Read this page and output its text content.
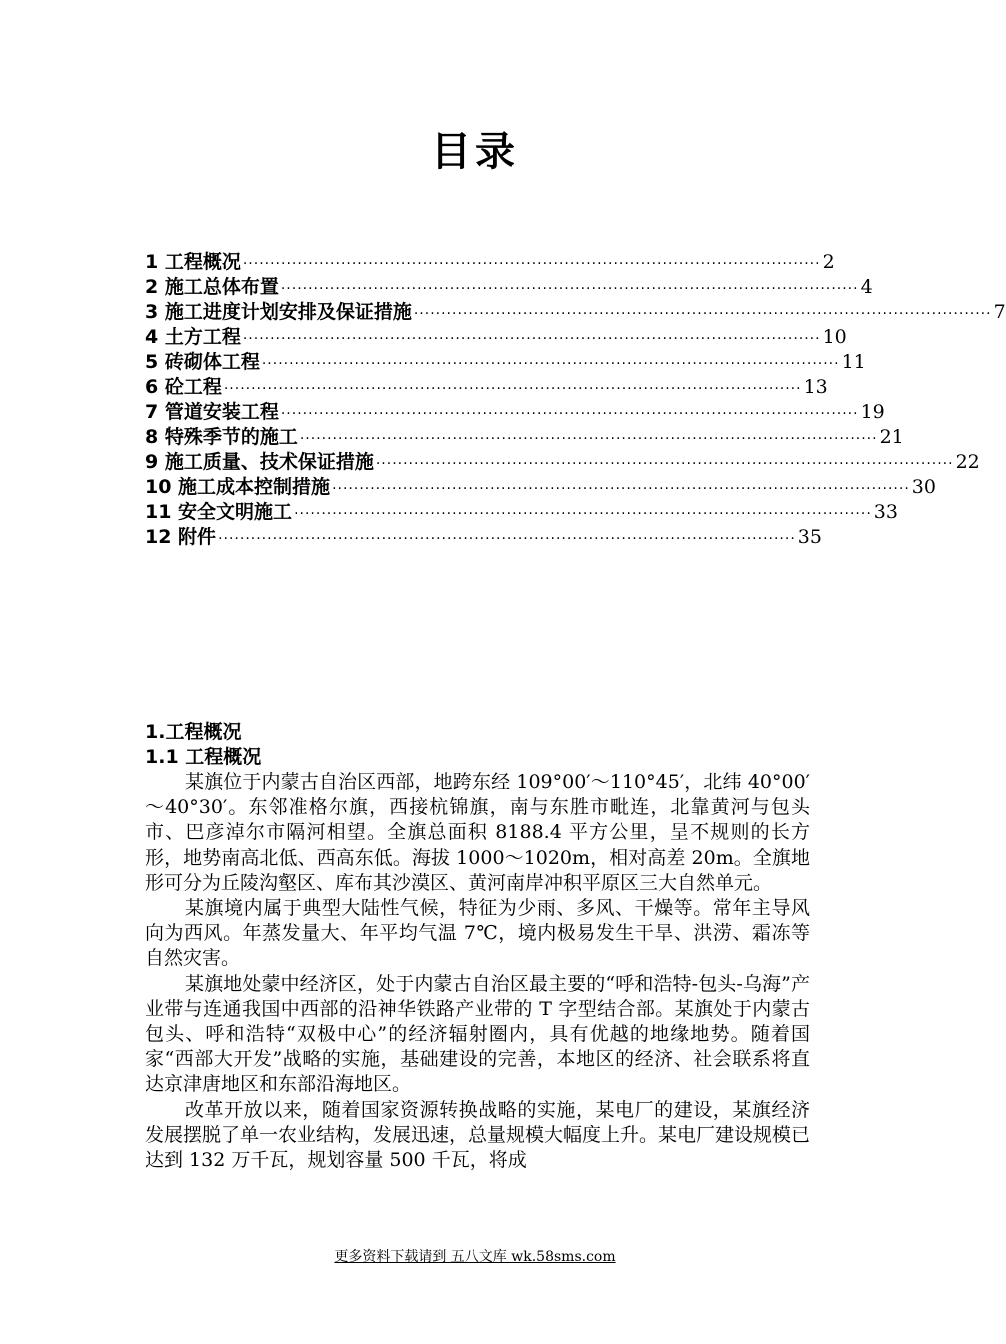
目录
1 工程概况 ·········································································································· 2
2 施工总体布置 ·········································································································· 4
3 施工进度计划安排及保证措施 ·········································································································· 7
4 土方工程 ·········································································································· 10
5 砖砌体工程 ·········································································································· 11
6 砼工程 ·········································································································· 13
7 管道安装工程 ·········································································································· 19
8 特殊季节的施工 ·········································································································· 21
9 施工质量、技术保证措施 ·········································································································· 22
10 施工成本控制措施 ·········································································································· 30
11 安全文明施工 ·········································································································· 33
12 附件 ·········································································································· 35
1.工程概况
1.1 工程概况

某旗位于内蒙古自治区西部，地跨东经 109°00′～110°45′，北纬 40°00′～40°30′。东邻准格尔旗，西接杭锦旗，南与东胜市毗连，北靠黄河与包头市、巴彦淖尔市隔河相望。全旗总面积 8188.4 平方公里，呈不规则的长方形，地势南高北低、西高东低。海拔 1000～1020m，相对高差 20m。全旗地形可分为丘陵沟壑区、库布其沙漠区、黄河南岸冲积平原区三大自然单元。

某旗境内属于典型大陆性气候，特征为少雨、多风、干燥等。常年主导风向为西风。年蒸发量大、年平均气温 7℃，境内极易发生干旱、洪涝、霜冻等自然灾害。

某旗地处蒙中经济区，处于内蒙古自治区最主要的“呼和浩特-包头-乌海”产业带与连通我国中西部的沿神华铁路产业带的 T 字型结合部。某旗处于内蒙古包头、呼和浩特“双极中心”的经济辐射圈内，具有优越的地缘地势。随着国家“西部大开发”战略的实施，基础建设的完善，本地区的经济、社会联系将直达京津唐地区和东部沿海地区。

改革开放以来，随着国家资源转换战略的实施，某电厂的建设，某旗经济发展摆脱了单一农业结构，发展迅速，总量规模大幅度上升。某电厂建设规模已达到 132 万千瓦，规划容量 500 千瓦，将成

更多资料下载请到 五八文库 wk.58sms.com
